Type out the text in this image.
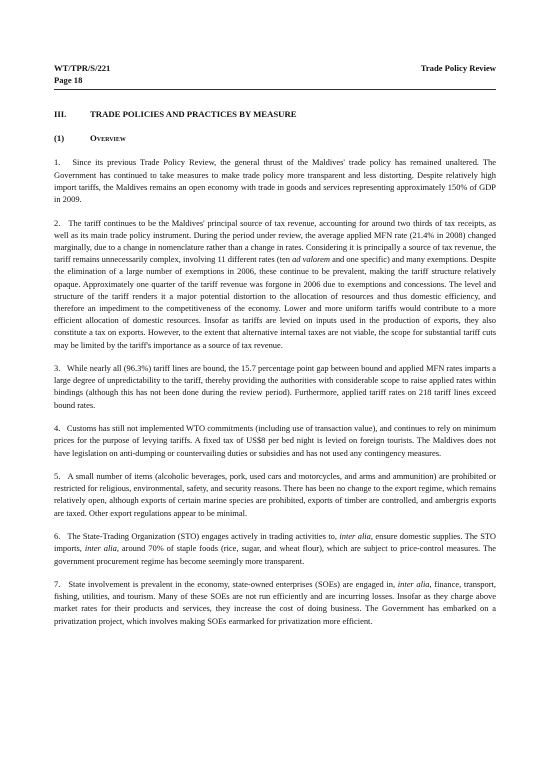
WT/TPR/S/221
Page 18
Trade Policy Review
III.	TRADE POLICIES AND PRACTICES BY MEASURE
(1)	Overview

1. Since its previous Trade Policy Review, the general thrust of the Maldives' trade policy has remained unaltered. The Government has continued to take measures to make trade policy more transparent and less distorting. Despite relatively high import tariffs, the Maldives remains an open economy with trade in goods and services representing approximately 150% of GDP in 2009.

2. The tariff continues to be the Maldives' principal source of tax revenue, accounting for around two thirds of tax receipts, as well as its main trade policy instrument. During the period under review, the average applied MFN rate (21.4% in 2008) changed marginally, due to a change in nomenclature rather than a change in rates. Considering it is principally a source of tax revenue, the tariff remains unnecessarily complex, involving 11 different rates (ten ad valorem and one specific) and many exemptions. Despite the elimination of a large number of exemptions in 2006, these continue to be prevalent, making the tariff structure relatively opaque. Approximately one quarter of the tariff revenue was forgone in 2006 due to exemptions and concessions. The level and structure of the tariff renders it a major potential distortion to the allocation of resources and thus domestic efficiency, and therefore an impediment to the competitiveness of the economy. Lower and more uniform tariffs would contribute to a more efficient allocation of domestic resources. Insofar as tariffs are levied on inputs used in the production of exports, they also constitute a tax on exports. However, to the extent that alternative internal taxes are not viable, the scope for substantial tariff cuts may be limited by the tariff's importance as a source of tax revenue.

3. While nearly all (96.3%) tariff lines are bound, the 15.7 percentage point gap between bound and applied MFN rates imparts a large degree of unpredictability to the tariff, thereby providing the authorities with considerable scope to raise applied rates within bindings (although this has not been done during the review period). Furthermore, applied tariff rates on 218 tariff lines exceed bound rates.

4. Customs has still not implemented WTO commitments (including use of transaction value), and continues to rely on minimum prices for the purpose of levying tariffs. A fixed tax of US$8 per bed night is levied on foreign tourists. The Maldives does not have legislation on anti-dumping or countervailing duties or subsidies and has not used any contingency measures.

5. A small number of items (alcoholic beverages, pork, used cars and motorcycles, and arms and ammunition) are prohibited or restricted for religious, environmental, safety, and security reasons. There has been no change to the export regime, which remains relatively open, although exports of certain marine species are prohibited, exports of timber are controlled, and ambergris exports are taxed. Other export regulations appear to be minimal.

6. The State-Trading Organization (STO) engages actively in trading activities to, inter alia, ensure domestic supplies. The STO imports, inter alia, around 70% of staple foods (rice, sugar, and wheat flour), which are subject to price-control measures. The government procurement regime has become seemingly more transparent.

7. State involvement is prevalent in the economy, state-owned enterprises (SOEs) are engaged in, inter alia, finance, transport, fishing, utilities, and tourism. Many of these SOEs are not run efficiently and are incurring losses. Insofar as they charge above market rates for their products and services, they increase the cost of doing business. The Government has embarked on a privatization project, which involves making SOEs earmarked for privatization more efficient.
